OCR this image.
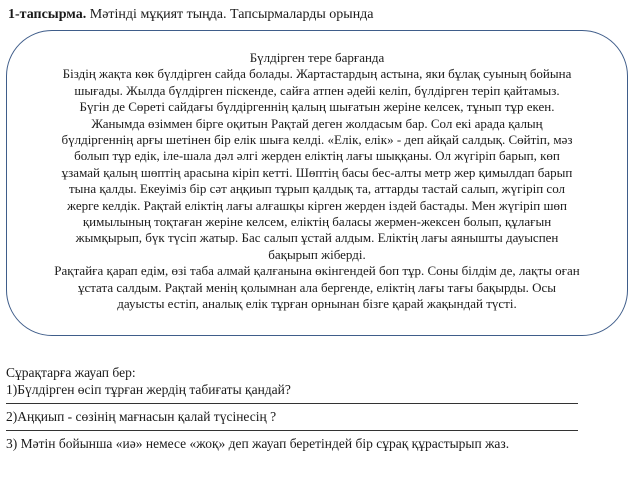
1-тапсырма. Мәтінді мұқият тыңда. Тапсырмаларды орында
Бүлдірген тере барғанда
Біздің жақта көк бүлдірген сайда болады. Жартастардың астына, яки бұлақ суының бойына
шығады. Жылда бүлдірген піскенде, сайға атпен әдейі келіп, бүлдірген теріп қайтамыз.
Бүгін де Сөреті сайдағы бүлдіргеннің қалың шығатын жеріне келсек, тұнып тұр екен.
Жанымда өзіммен бірге оқитын Рақтай деген жолдасым бар. Сол екі арада қалың
бүлдіргеннің арғы шетінен бір елік шыға келді. «Елік, елік» - деп айқай салдық. Сөйтіп, мәз
болып тұр едік, іле-шала дәл әлгі жерден еліктің лағы шыққаны. Ол жүгіріп барып, көп
ұзамай қалың шөптің арасына кіріп кетті. Шөптің басы бес-алты метр жер қимылдап барып
тына қалды. Екеуіміз бір сәт аңқиып тұрып қалдық та, аттарды тастай салып, жүгіріп сол
жерге келдік. Рақтай еліктің лағы алғашқы кірген жерден іздей бастады. Мен жүгіріп шөп
қимылының тоқтаған жеріне келсем, еліктің баласы жермен-жексен болып, құлағын
жымқырып, бүк түсіп жатыр. Бас салып ұстай алдым. Еліктің лағы аянышты дауыспен
бақырып жіберді.
Рақтайға қарап едім, өзі таба алмай қалғанына өкінгендей боп тұр. Соны білдім де, лақты оған
ұстата салдым. Рақтай менің қолымнан ала бергенде, еліктің лағы тағы бақырды. Осы
дауысты естіп, аналық елік тұрған орнынан бізге қарай жақындай түсті.
Сұрақтарға жауап бер:
1)Бүлдірген өсіп тұрған жердің табиғаты қандай?
2)Аңқиып - сөзінің мағнасын қалай түсінесің ?
3) Мәтін бойынша «иә» немесе «жоқ» деп жауап беретіндей бір сұрақ құрастырып жаз.
